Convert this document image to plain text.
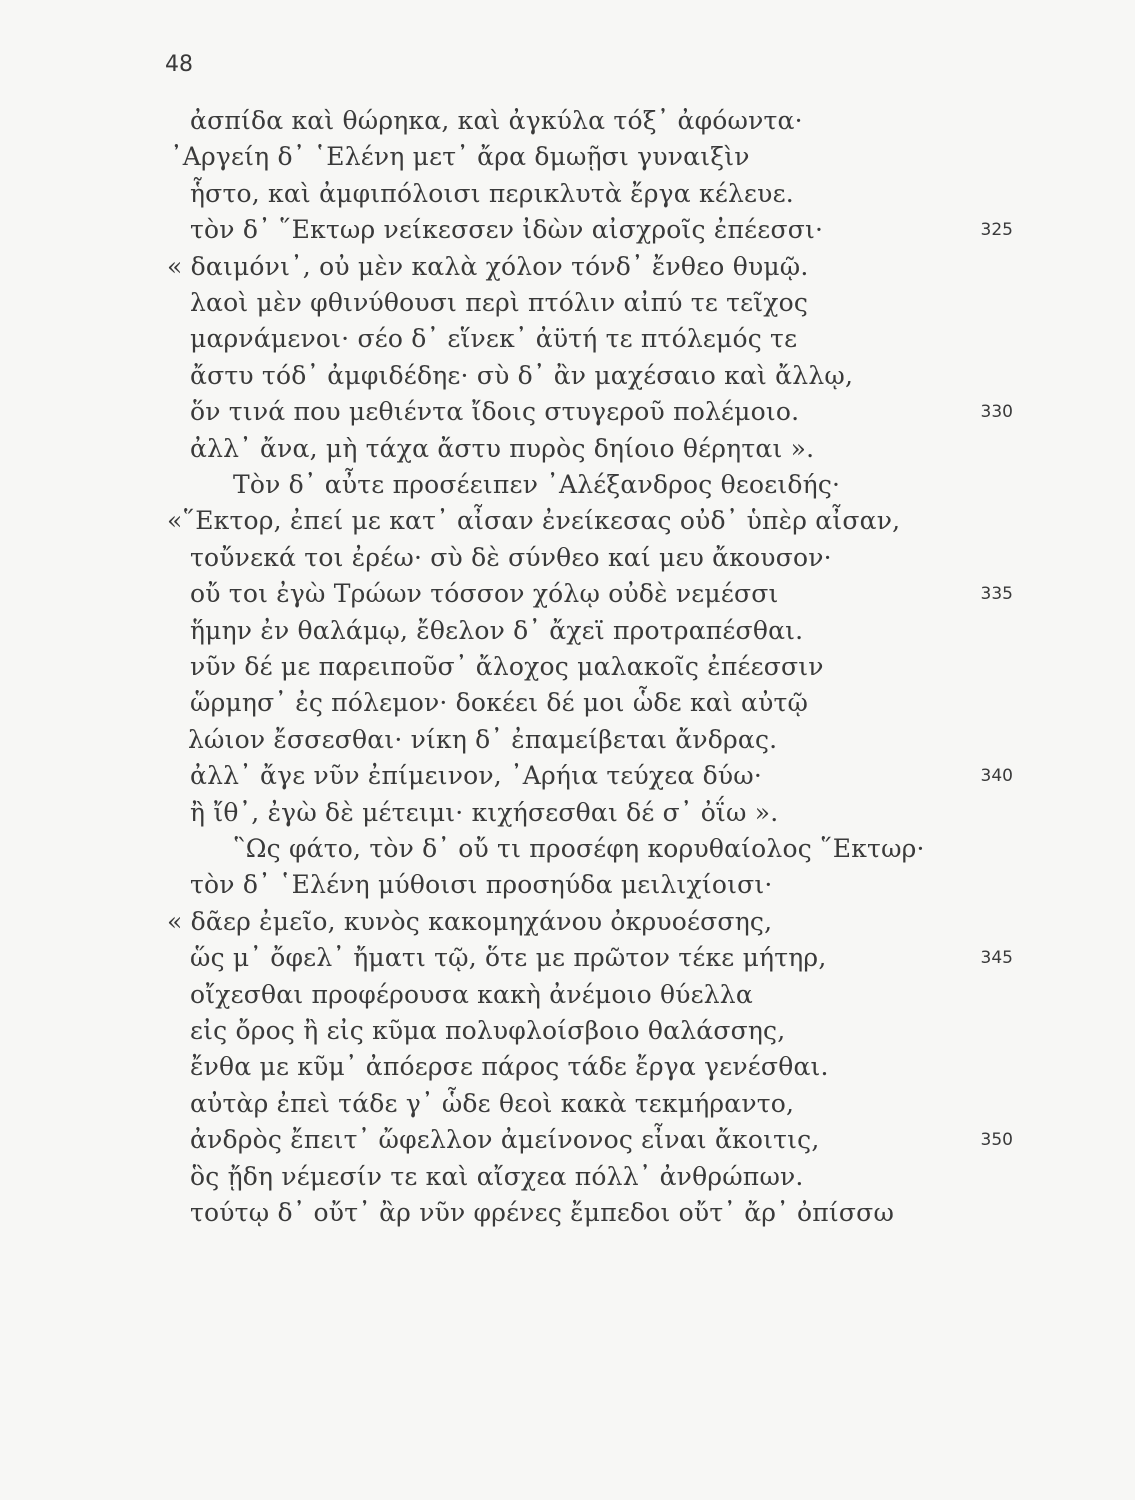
48
ἀσπίδα καὶ θώρηκα, καὶ ἀγκύλα τόξ᾽ ἀφόωντα·
᾽Αργείη δ᾽ ῾Ελένη μετ᾽ ἄρα δμωῇσι γυναιξὶν
ἧστο, καὶ ἀμφιπόλοισι περικλυτὰ ἔργα κέλευε.
τὸν δ᾽ ῞Εκτωρ νείκεσσεν ἰδὼν αἰσχροῖς ἐπέεσσι·	325
« δαιμόνι᾽, οὐ μὲν καλὰ χόλον τόνδ᾽ ἔνθεο θυμῷ.
λαοὶ μὲν φθινύθουσι περὶ πτόλιν αἰπύ τε τεῖχος
μαρνάμενοι· σέο δ᾽ εἵνεκ᾽ ἀϋτή τε πτόλεμός τε
ἄστυ τόδ᾽ ἀμφιδέδηε· σὺ δ᾽ ἂν μαχέσαιο καὶ ἄλλῳ,
ὅν τινά που μεθιέντα ἴδοις στυγεροῦ πολέμοιο.	330
ἀλλ᾽ ἄνα, μὴ τάχα ἄστυ πυρὸς δηίοιο θέρηται ».
Τὸν δ᾽ αὖτε προσέειπεν ᾽Αλέξανδρος θεοειδής·
«῞Εκτορ, ἐπεί με κατ᾽ αἶσαν ἐνείκεσας οὐδ᾽ ὑπὲρ αἶσαν,
τοὔνεκά τοι ἐρέω· σὺ δὲ σύνθεο καί μευ ἄκουσον·
οὔ τοι ἐγὼ Τρώων τόσσον χόλῳ οὐδὲ νεμέσσι	335
ἥμην ἐν θαλάμῳ, ἔθελον δ᾽ ἄχεϊ προτραπέσθαι.
νῦν δέ με παρειποῦσ᾽ ἄλοχος μαλακοῖς ἐπέεσσιν
ὥρμησ᾽ ἐς πόλεμον· δοκέει δέ μοι ὧδε καὶ αὐτῷ
λώιον ἔσσεσθαι· νίκη δ᾽ ἐπαμείβεται ἄνδρας.
ἀλλ᾽ ἄγε νῦν ἐπίμεινον, ᾽Αρήια τεύχεα δύω·	340
ἢ ἴθ᾽, ἐγὼ δὲ μέτειμι· κιχήσεσθαι δέ σ᾽ ὀΐω ».
῝Ως φάτο, τὸν δ᾽ οὔ τι προσέφη κορυθαίολος ῞Εκτωρ·
τὸν δ᾽ ῾Ελένη μύθοισι προσηύδα μειλιχίοισι·
« δᾶερ ἐμεῖο, κυνὸς κακομηχάνου ὀκρυοέσσης,
ὥς μ᾽ ὄφελ᾽ ἤματι τῷ, ὅτε με πρῶτον τέκε μήτηρ,	345
οἴχεσθαι προφέρουσα κακὴ ἀνέμοιο θύελλα
εἰς ὄρος ἢ εἰς κῦμα πολυφλοίσβοιο θαλάσσης,
ἔνθα με κῦμ᾽ ἀπόερσε πάρος τάδε ἔργα γενέσθαι.
αὐτὰρ ἐπεὶ τάδε γ᾽ ὧδε θεοὶ κακὰ τεκμήραντο,
ἀνδρὸς ἔπειτ᾽ ὤφελλον ἀμείνονος εἶναι ἄκοιτις,	350
ὃς ᾔδη νέμεσίν τε καὶ αἴσχεα πόλλ᾽ ἀνθρώπων.
τούτῳ δ᾽ οὔτ᾽ ἂρ νῦν φρένες ἔμπεδοι οὔτ᾽ ἄρ᾽ ὀπίσσω
